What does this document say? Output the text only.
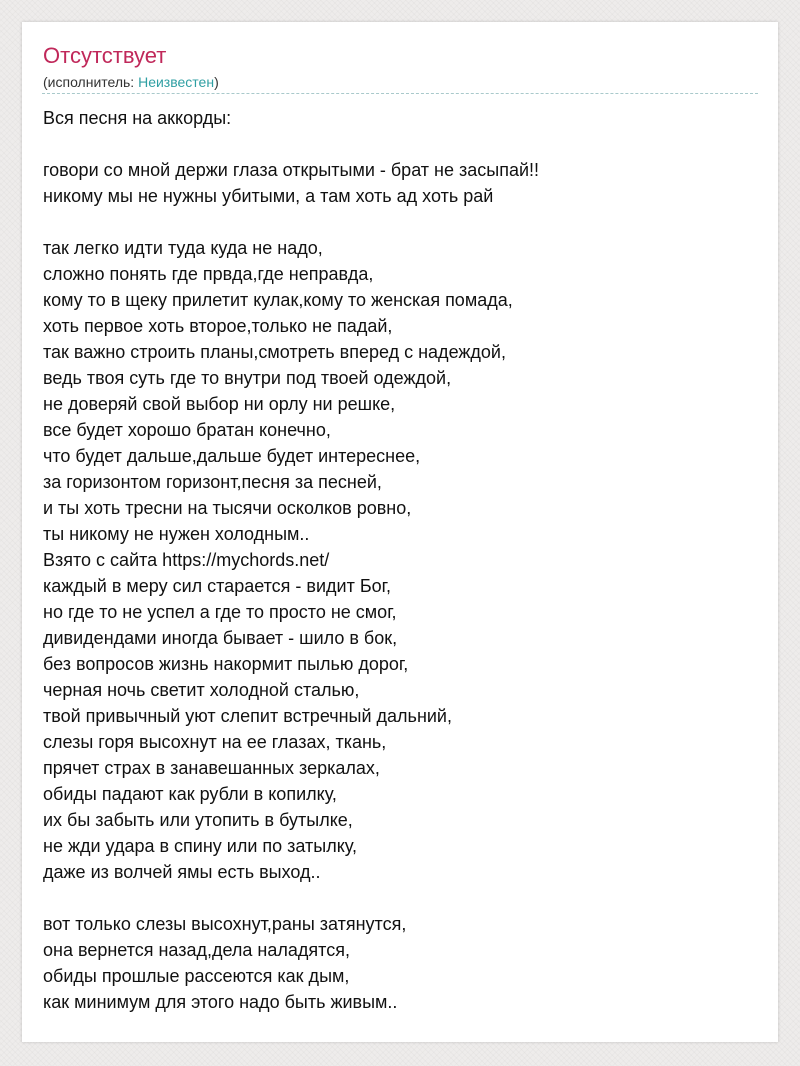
Отсутствует
(исполнитель: Неизвестен)
Вся песня на аккорды:
говори со мной держи глаза открытыми - брат не засыпай!!
никому мы не нужны убитыми, а там хоть ад хоть рай
так легко идти туда куда не надо,
сложно понять где првда,где неправда,
кому то в щеку прилетит кулак,кому то женская помада,
хоть первое хоть второе,только не падай,
так важно строить планы,смотреть вперед с надеждой,
ведь твоя суть где то внутри под твоей одеждой,
не доверяй свой выбор ни орлу ни решке,
все будет хорошо братан конечно,
что будет дальше,дальше будет интереснее,
за горизонтом горизонт,песня за песней,
и ты хоть тресни на тысячи осколков ровно,
ты никому не нужен холодным..
Взято с сайта https://mychords.net/
каждый в меру сил старается - видит Бог,
но где то не успел а где то просто не смог,
дивидендами иногда бывает - шило в бок,
без вопросов жизнь накормит пылью дорог,
черная ночь светит холодной сталью,
твой привычный уют слепит встречный дальний,
слезы горя высохнут на ее глазах, ткань,
прячет страх в занавешанных зеркалах,
обиды падают как рубли в копилку,
их бы забыть или утопить в бутылке,
не жди удара в спину или по затылку,
даже из волчей ямы есть выход..
вот только слезы высохнут,раны затянутся,
она вернется назад,дела наладятся,
обиды прошлые рассеются как дым,
как минимум для этого надо быть живым..
